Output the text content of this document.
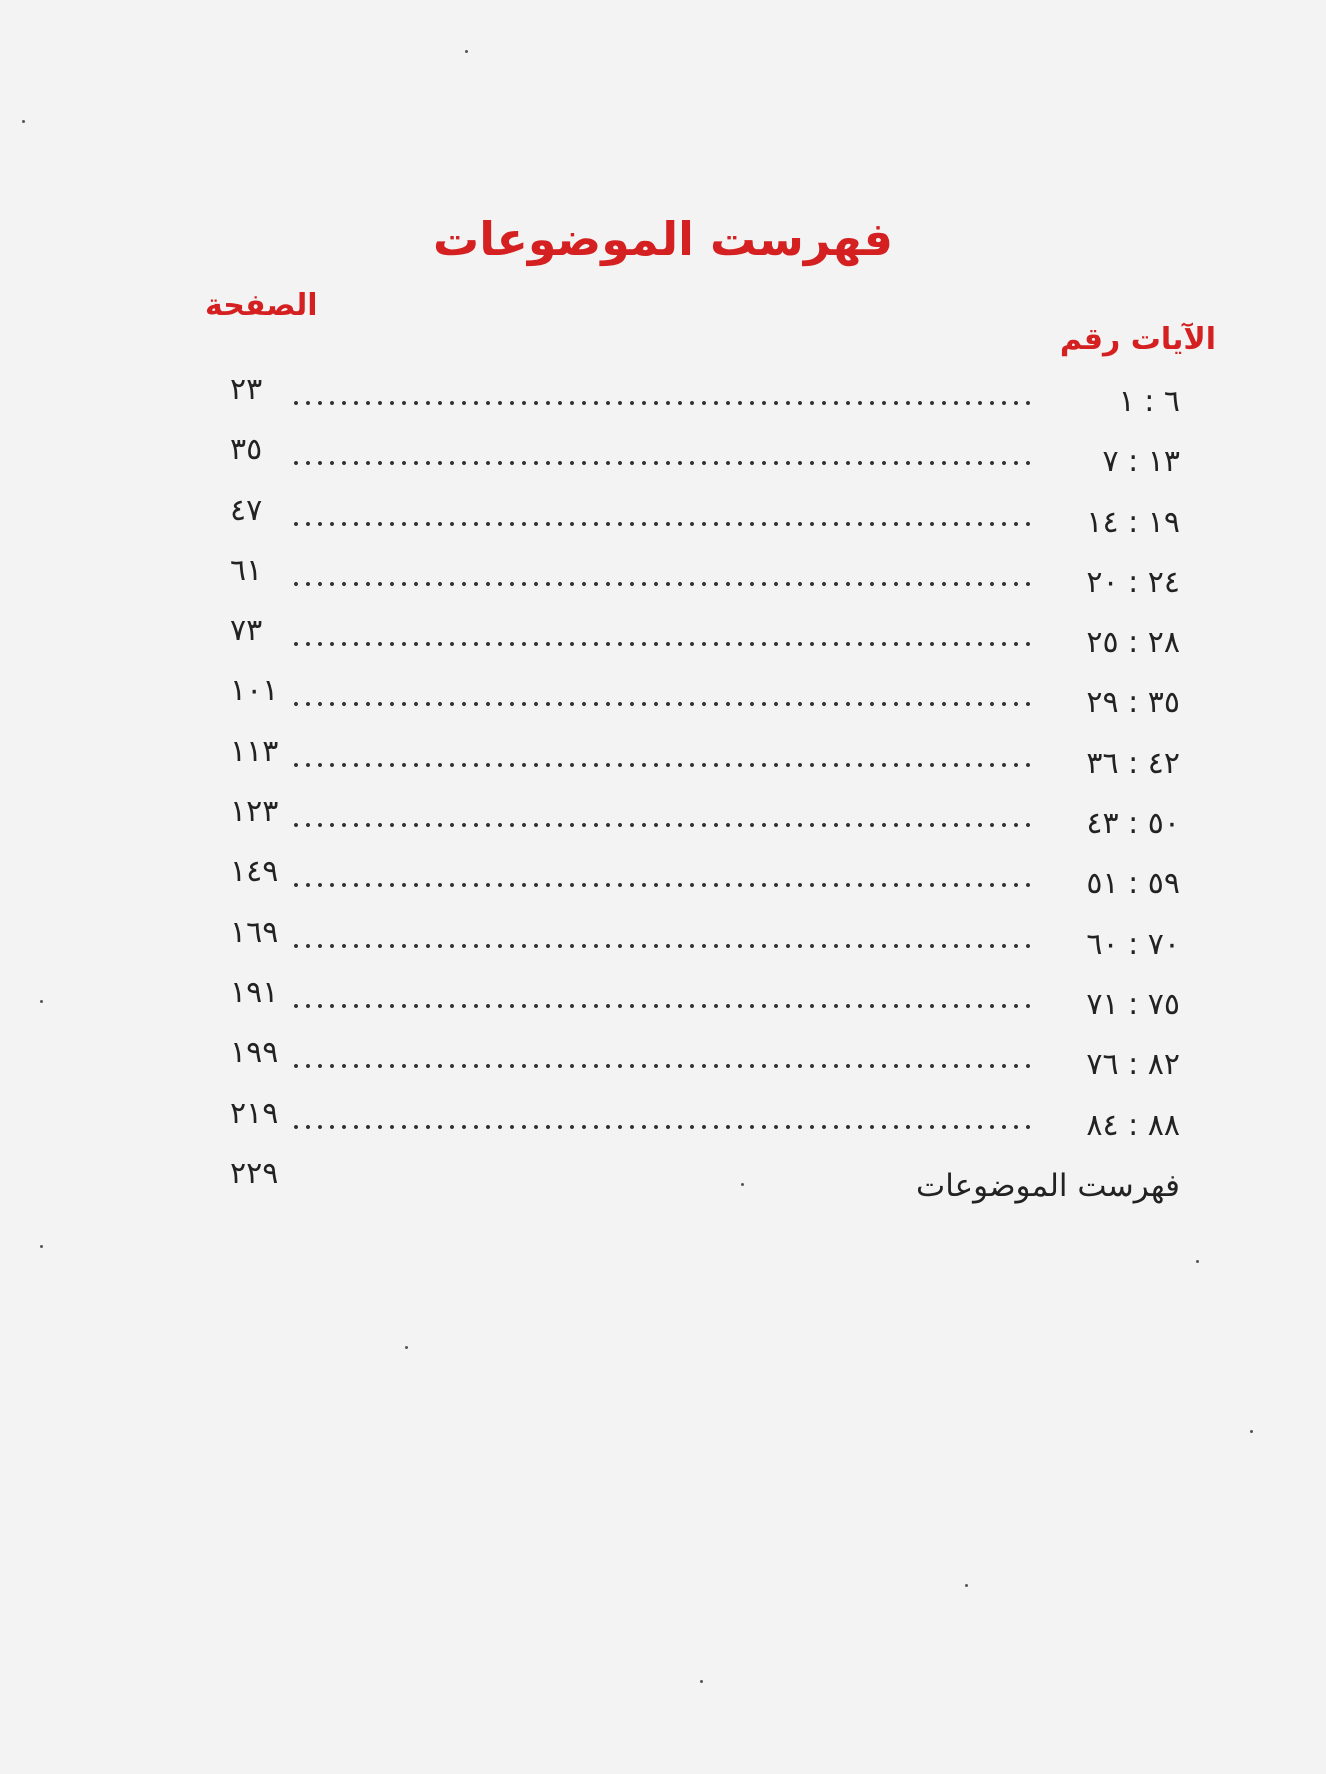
فهرست الموضوعات
الصفحة
الآيات رقم
٢٣	٦ : ١
٣٥	١٣ : ٧
٤٧	١٩ : ١٤
٦١	٢٤ : ٢٠
٧٣	٢٨ : ٢٥
١٠١	٣٥ : ٢٩
١١٣	٤٢ : ٣٦
١٢٣	٥٠ : ٤٣
١٤٩	٥٩ : ٥١
١٦٩	٧٠ : ٦٠
١٩١	٧٥ : ٧١
١٩٩	٨٢ : ٧٦
٢١٩	٨٨ : ٨٤
٢٢٩	فهرست الموضوعات
